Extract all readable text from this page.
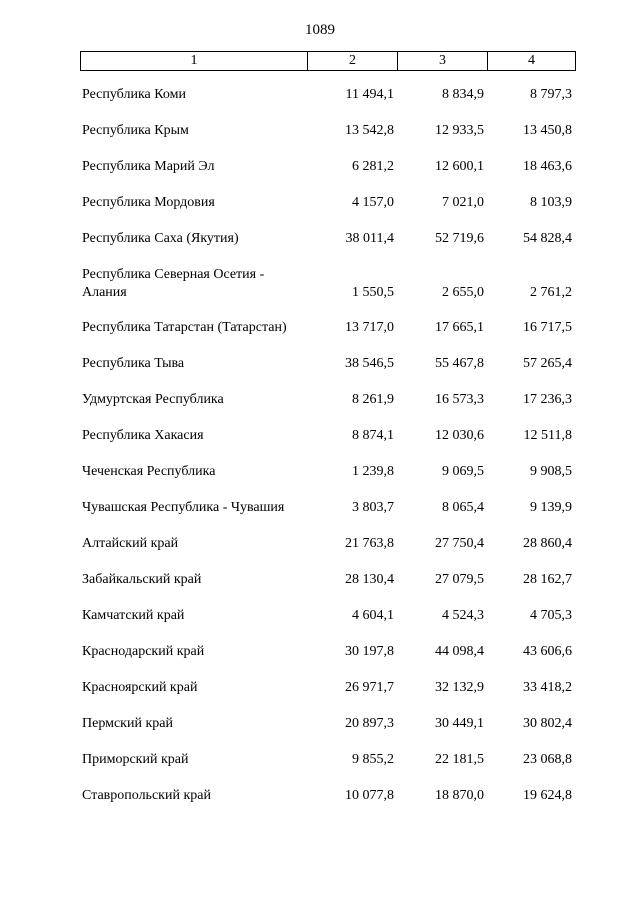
1089
1	2	3	4
Республика Коми	11 494,1	8 834,9	8 797,3
Республика Крым	13 542,8	12 933,5	13 450,8
Республика Марий Эл	6 281,2	12 600,1	18 463,6
Республика Мордовия	4 157,0	7 021,0	8 103,9
Республика Саха (Якутия)	38 011,4	52 719,6	54 828,4
Республика Северная Осетия - Алания	1 550,5	2 655,0	2 761,2
Республика Татарстан (Татарстан)	13 717,0	17 665,1	16 717,5
Республика Тыва	38 546,5	55 467,8	57 265,4
Удмуртская Республика	8 261,9	16 573,3	17 236,3
Республика Хакасия	8 874,1	12 030,6	12 511,8
Чеченская Республика	1 239,8	9 069,5	9 908,5
Чувашская Республика - Чувашия	3 803,7	8 065,4	9 139,9
Алтайский край	21 763,8	27 750,4	28 860,4
Забайкальский край	28 130,4	27 079,5	28 162,7
Камчатский край	4 604,1	4 524,3	4 705,3
Краснодарский край	30 197,8	44 098,4	43 606,6
Красноярский край	26 971,7	32 132,9	33 418,2
Пермский край	20 897,3	30 449,1	30 802,4
Приморский край	9 855,2	22 181,5	23 068,8
Ставропольский край	10 077,8	18 870,0	19 624,8
